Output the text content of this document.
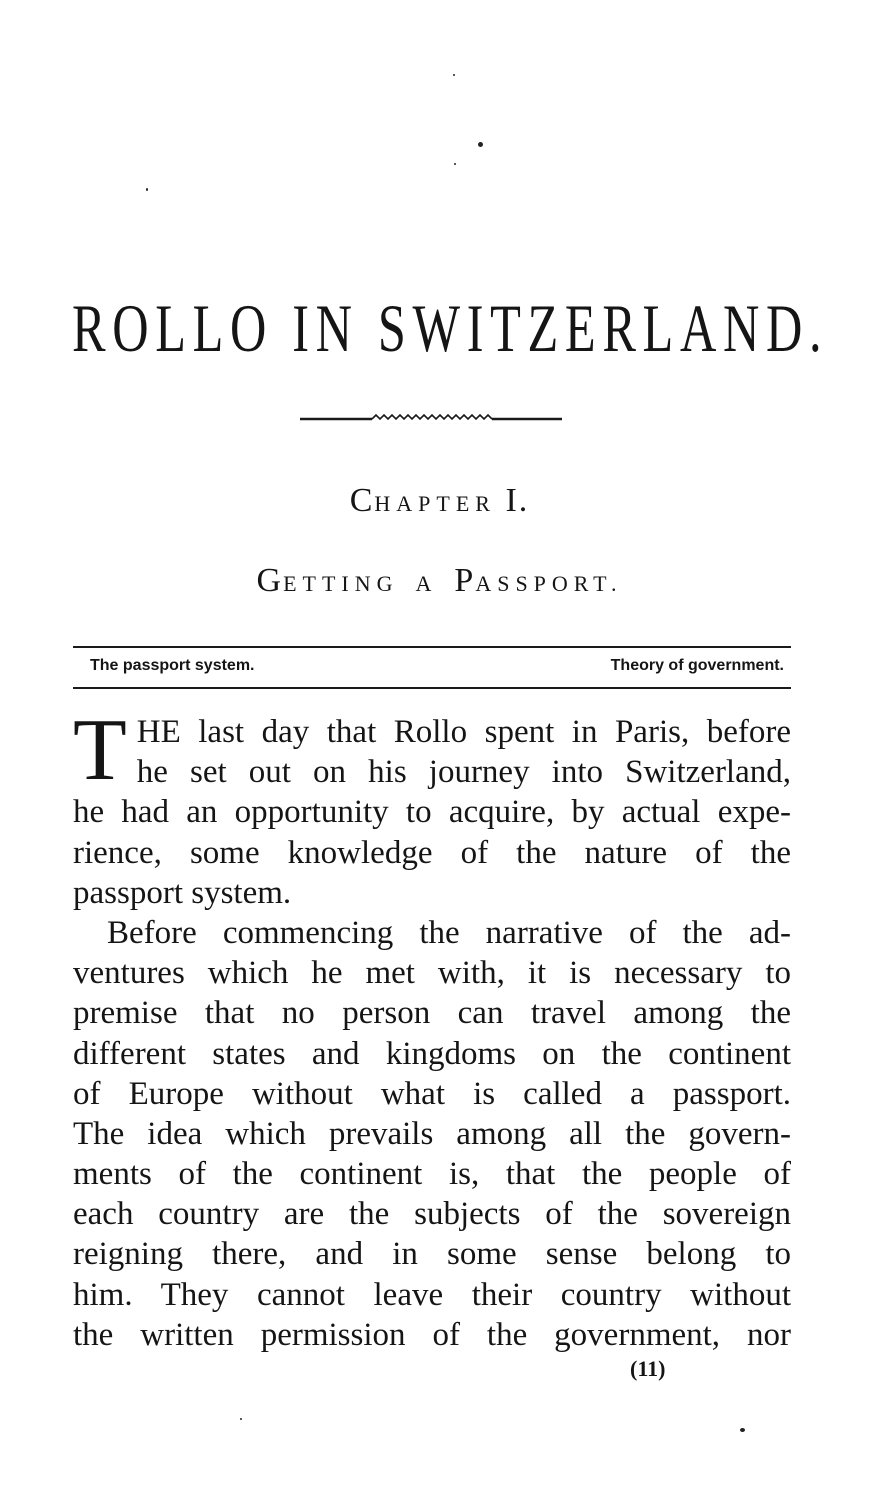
ROLLO IN SWITZERLAND.
CHAPTER I.
GETTING A PASSPORT.
The passport system.	Theory of government.
T HE last day that Rollo spent in Paris, before
he set out on his journey into Switzerland,
he had an opportunity to acquire, by actual expe-
rience, some knowledge of the nature of the
passport system.
Before commencing the narrative of the ad-
ventures which he met with, it is necessary to
premise that no person can travel among the
different states and kingdoms on the continent
of Europe without what is called a passport.
The idea which prevails among all the govern-
ments of the continent is, that the people of
each country are the subjects of the sovereign
reigning there, and in some sense belong to
him. They cannot leave their country without
the written permission of the government, nor
(11)
